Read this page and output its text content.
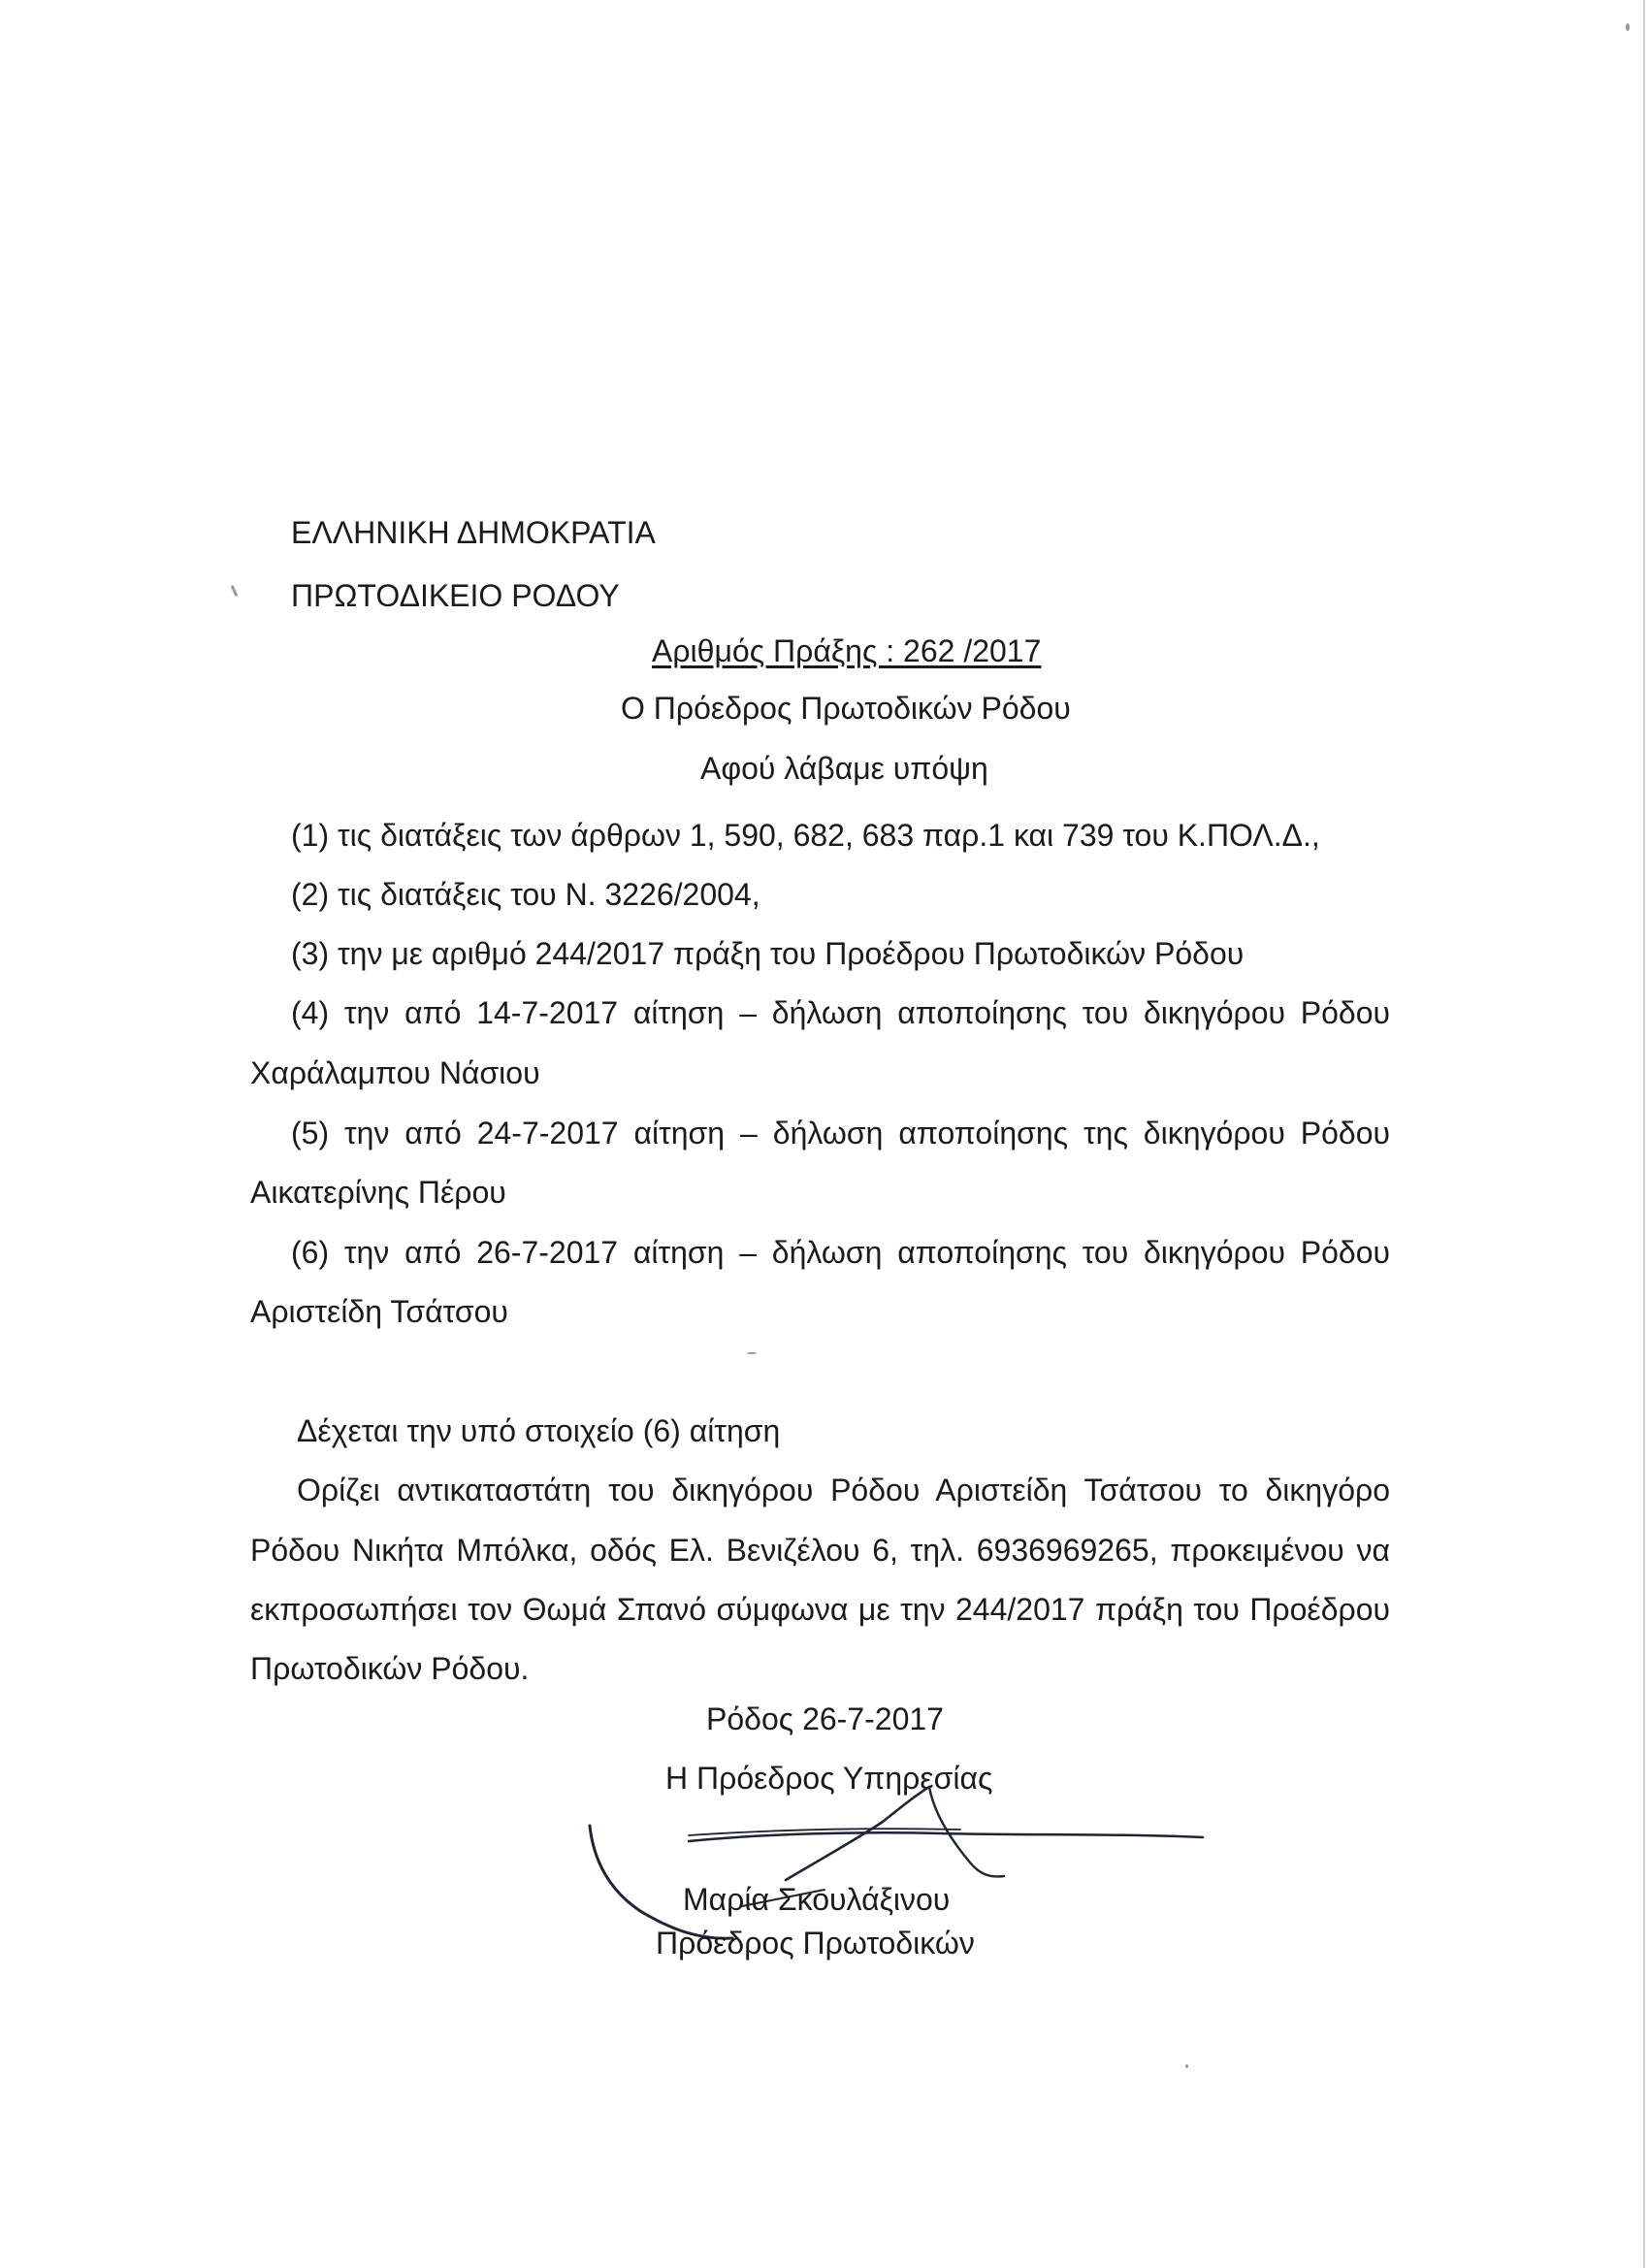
ΕΛΛΗΝΙΚΗ ΔΗΜΟΚΡΑΤΙΑ

ΠΡΩΤΟΔΙΚΕΙΟ ΡΟΔΟΥ

Αριθμός Πράξης : 262 /2017

Ο Πρόεδρος Πρωτοδικών Ρόδου

Αφού λάβαμε υπόψη

(1) τις διατάξεις των άρθρων 1, 590, 682, 683 παρ.1 και 739 του Κ.ΠΟΛ.Δ.,

(2) τις διατάξεις του Ν. 3226/2004,

(3) την με αριθμό 244/2017 πράξη του Προέδρου Πρωτοδικών Ρόδου

(4) την από 14-7-2017 αίτηση – δήλωση αποποίησης του δικηγόρου Ρόδου

Χαράλαμπου Νάσιου

(5) την από 24-7-2017 αίτηση – δήλωση αποποίησης της δικηγόρου Ρόδου

Αικατερίνης Πέρου

(6) την από 26-7-2017 αίτηση – δήλωση αποποίησης του δικηγόρου Ρόδου

Αριστείδη Τσάτσου

Δέχεται την υπό στοιχείο (6) αίτηση

Ορίζει αντικαταστάτη του δικηγόρου Ρόδου Αριστείδη Τσάτσου το δικηγόρο

Ρόδου Νικήτα Μπόλκα, οδός Ελ. Βενιζέλου 6, τηλ. 6936969265, προκειμένου να

εκπροσωπήσει τον Θωμά Σπανό σύμφωνα με την 244/2017 πράξη του Προέδρου

Πρωτοδικών Ρόδου.

Ρόδος 26-7-2017

Η Πρόεδρος Υπηρεσίας

Μαρία Σκουλάξινου

Πρόεδρος Πρωτοδικών
